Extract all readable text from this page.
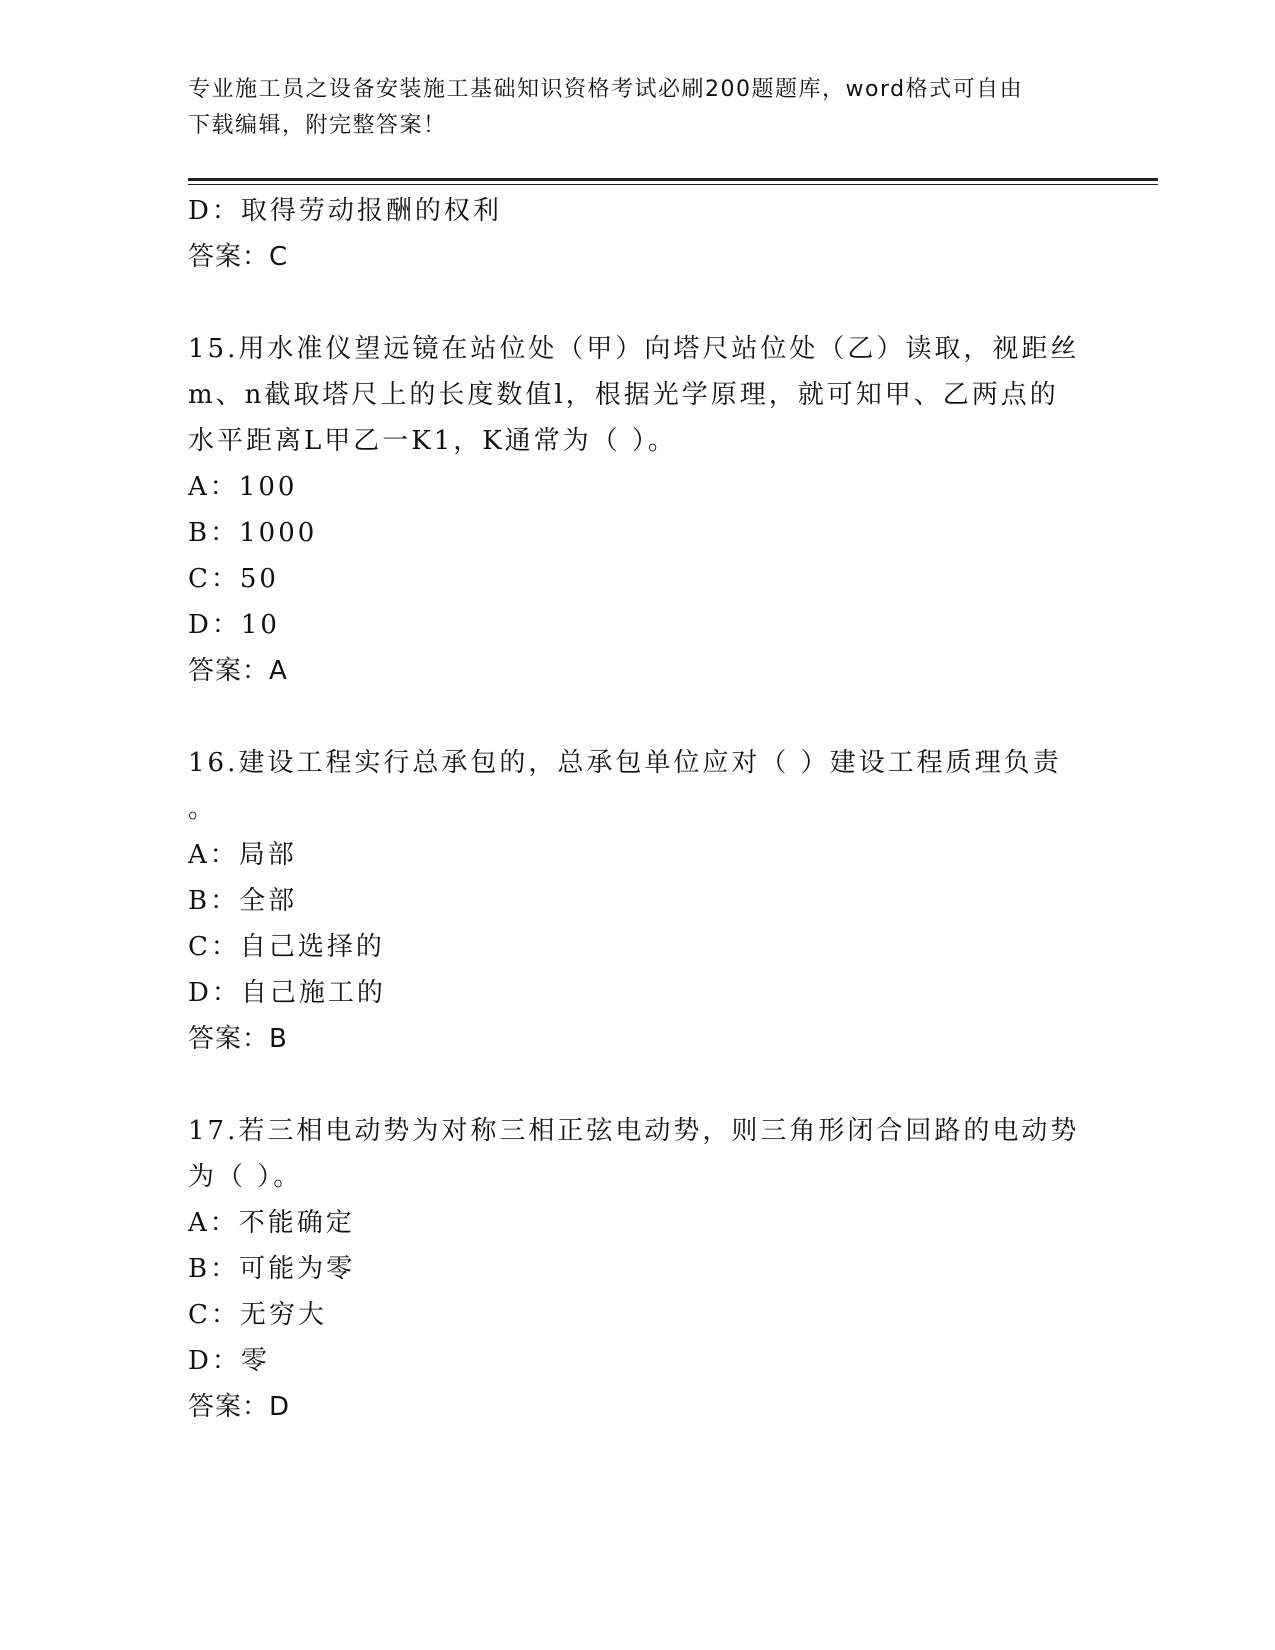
专业施工员之设备安装施工基础知识资格考试必刷200题题库，word格式可自由
下载编辑，附完整答案！
D：取得劳动报酬的权利
答案：C
15.用水准仪望远镜在站位处（甲）向塔尺站位处（乙）读取，视距丝
m、n截取塔尺上的长度数值l，根据光学原理，就可知甲、乙两点的
水平距离L甲乙一K1，K通常为（ ）。
A：100
B：1000
C：50
D：10
答案：A
16.建设工程实行总承包的，总承包单位应对（ ）建设工程质理负责
。
A：局部
B：全部
C：自己选择的
D：自己施工的
答案：B
17.若三相电动势为对称三相正弦电动势，则三角形闭合回路的电动势
为（ ）。
A：不能确定
B：可能为零
C：无穷大
D：零
答案：D
